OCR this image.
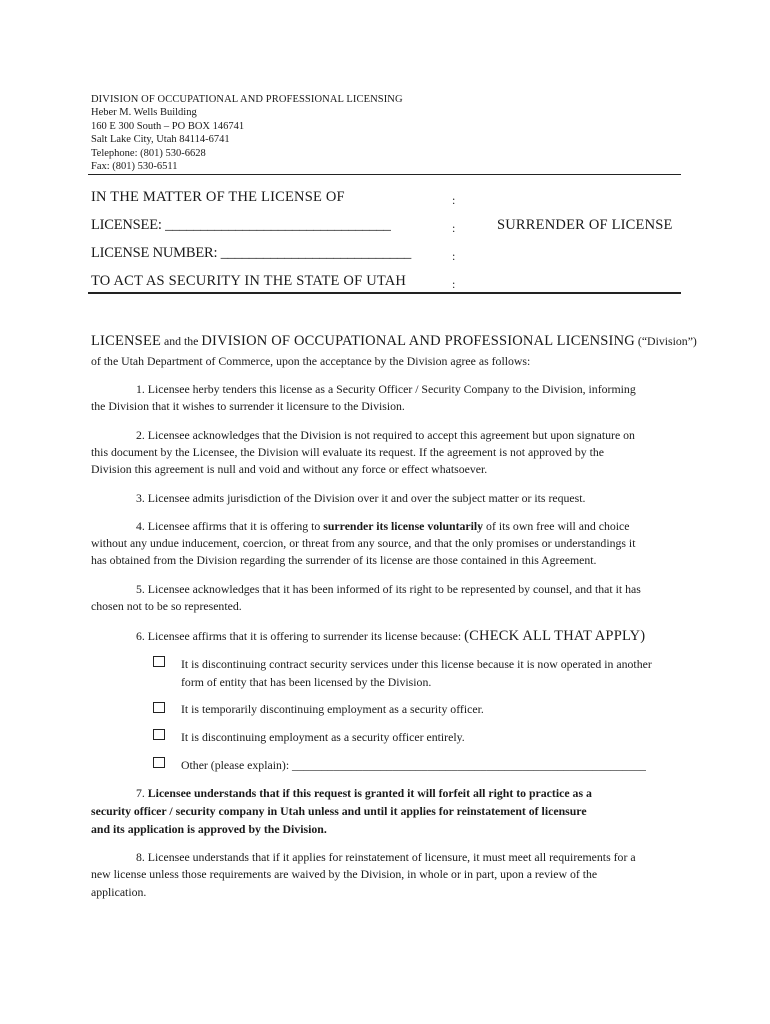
DIVISION OF OCCUPATIONAL AND PROFESSIONAL LICENSING
Heber M. Wells Building
160 E 300 South – PO BOX 146741
Salt Lake City, Utah 84114-6741
Telephone: (801) 530-6628
Fax: (801) 530-6511
IN THE MATTER OF THE LICENSE OF	:
LICENSEE: ________________________________	:	SURRENDER OF LICENSE
LICENSE NUMBER: ___________________________	:
TO ACT AS SECURITY IN THE STATE OF UTAH	:
LICENSEE and the DIVISION OF OCCUPATIONAL AND PROFESSIONAL LICENSING (“Division”)
of the Utah Department of Commerce, upon the acceptance by the Division agree as follows:
1. Licensee herby tenders this license as a Security Officer / Security Company to the Division, informing
the Division that it wishes to surrender it licensure to the Division.
2. Licensee acknowledges that the Division is not required to accept this agreement but upon signature on
this document by the Licensee, the Division will evaluate its request. If the agreement is not approved by the
Division this agreement is null and void and without any force or effect whatsoever.
3. Licensee admits jurisdiction of the Division over it and over the subject matter or its request.
4. Licensee affirms that it is offering to surrender its license voluntarily of its own free will and choice
without any undue inducement, coercion, or threat from any source, and that the only promises or understandings it
has obtained from the Division regarding the surrender of its license are those contained in this Agreement.
5. Licensee acknowledges that it has been informed of its right to be represented by counsel, and that it has
chosen not to be so represented.
6. Licensee affirms that it is offering to surrender its license because: (CHECK ALL THAT APPLY)
It is discontinuing contract security services under this license because it is now operated in another
form of entity that has been licensed by the Division.
It is temporarily discontinuing employment as a security officer.
It is discontinuing employment as a security officer entirely.
Other (please explain): ____________________________________________________________
7. Licensee understands that if this request is granted it will forfeit all right to practice as a
security officer / security company in Utah unless and until it applies for reinstatement of licensure
and its application is approved by the Division.
8. Licensee understands that if it applies for reinstatement of licensure, it must meet all requirements for a
new license unless those requirements are waived by the Division, in whole or in part, upon a review of the
application.
